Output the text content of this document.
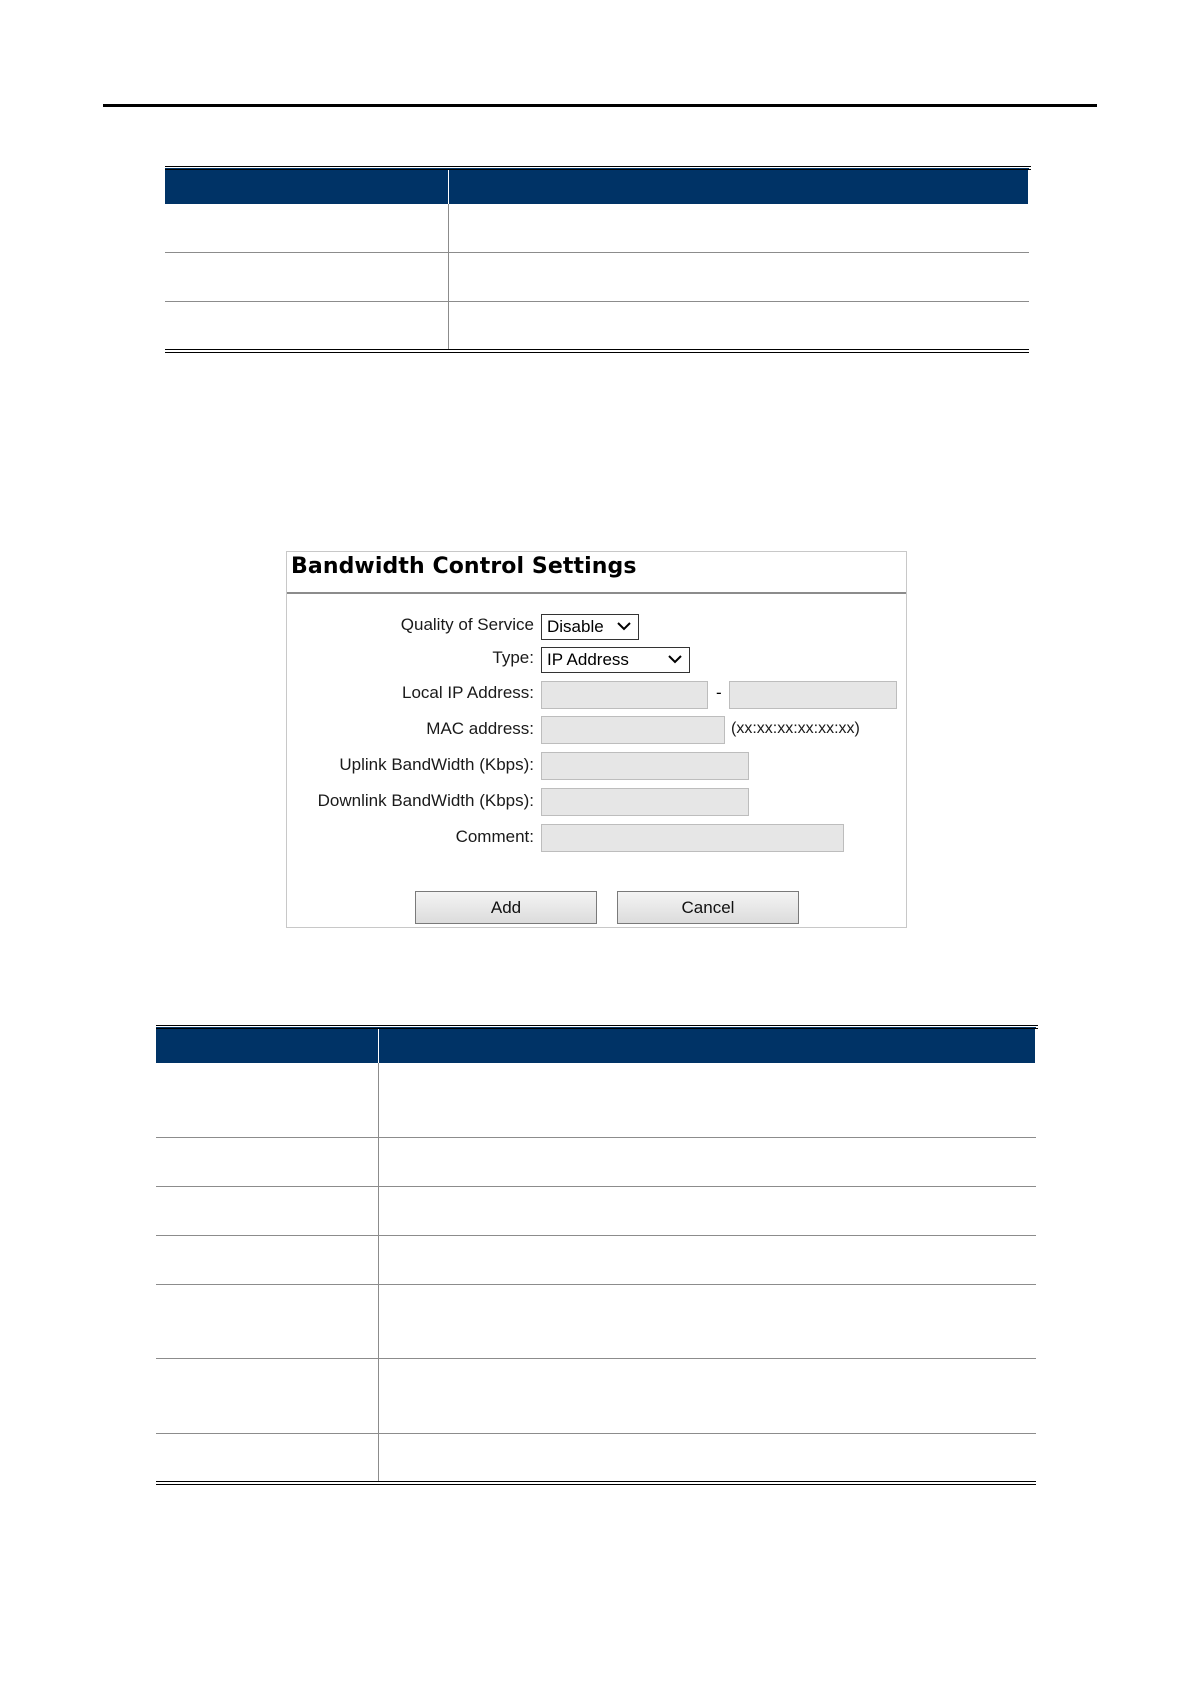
Bandwidth Control Settings
Quality of Service Disable
Type: IP Address
Local IP Address:	-
MAC address:	(xx:xx:xx:xx:xx:xx)
Uplink BandWidth (Kbps):
Downlink BandWidth (Kbps):
Comment:
Add	Cancel
